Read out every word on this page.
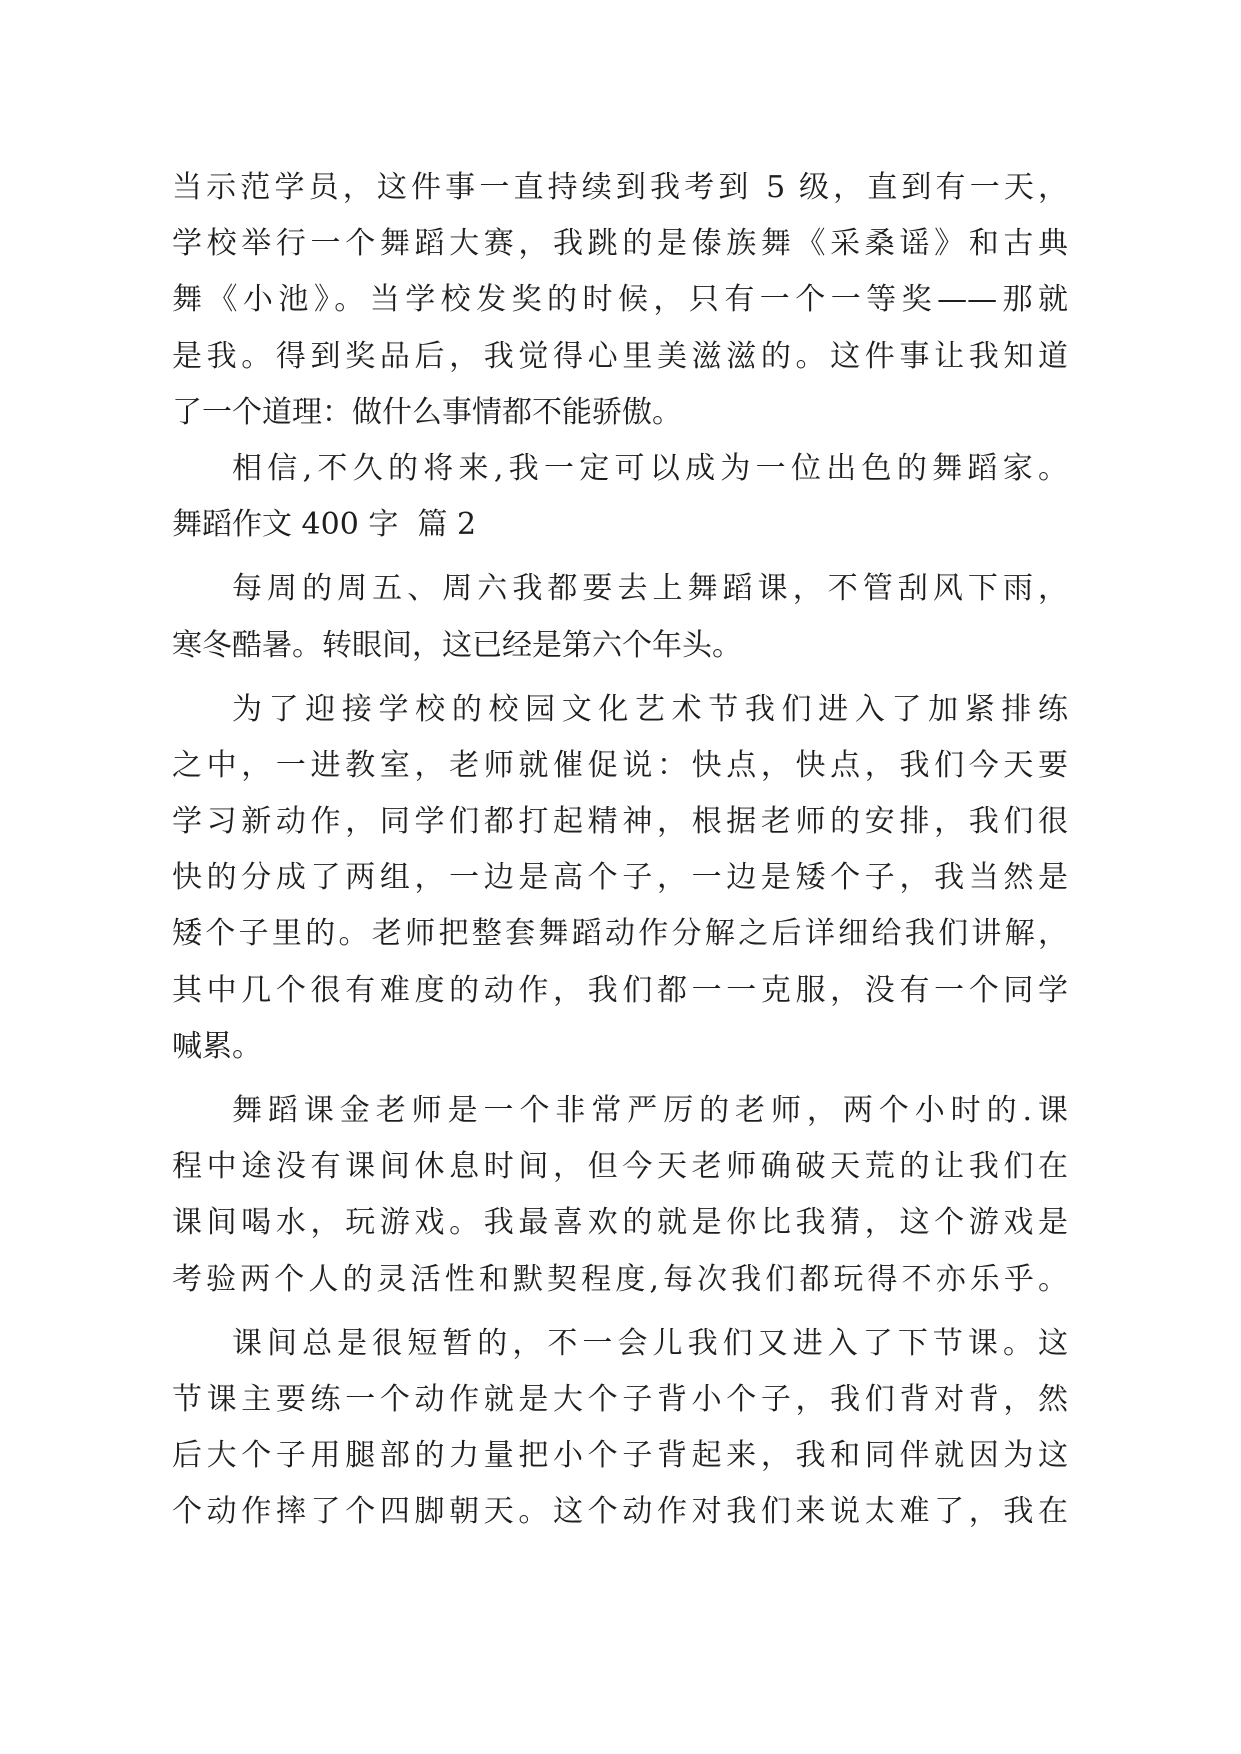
当示范学员，这件事一直持续到我考到 5 级，直到有一天，
学校举行一个舞蹈大赛，我跳的是傣族舞《采桑谣》和古典
舞《小池》。当学校发奖的时候，只有一个一等奖——那就
是我。得到奖品后，我觉得心里美滋滋的。这件事让我知道
了一个道理：做什么事情都不能骄傲。
相信,不久的将来,我一定可以成为一位出色的舞蹈家。
舞蹈作文 400 字  篇 2
每周的周五、周六我都要去上舞蹈课，不管刮风下雨，
寒冬酷暑。转眼间，这已经是第六个年头。
为了迎接学校的校园文化艺术节我们进入了加紧排练
之中，一进教室，老师就催促说：快点，快点，我们今天要
学习新动作，同学们都打起精神，根据老师的安排，我们很
快的分成了两组，一边是高个子，一边是矮个子，我当然是
矮个子里的。老师把整套舞蹈动作分解之后详细给我们讲解，
其中几个很有难度的动作，我们都一一克服，没有一个同学
喊累。
舞蹈课金老师是一个非常严厉的老师，两个小时的.课
程中途没有课间休息时间，但今天老师确破天荒的让我们在
课间喝水，玩游戏。我最喜欢的就是你比我猜，这个游戏是
考验两个人的灵活性和默契程度,每次我们都玩得不亦乐乎。
课间总是很短暂的，不一会儿我们又进入了下节课。这
节课主要练一个动作就是大个子背小个子，我们背对背，然
后大个子用腿部的力量把小个子背起来，我和同伴就因为这
个动作摔了个四脚朝天。这个动作对我们来说太难了，我在
